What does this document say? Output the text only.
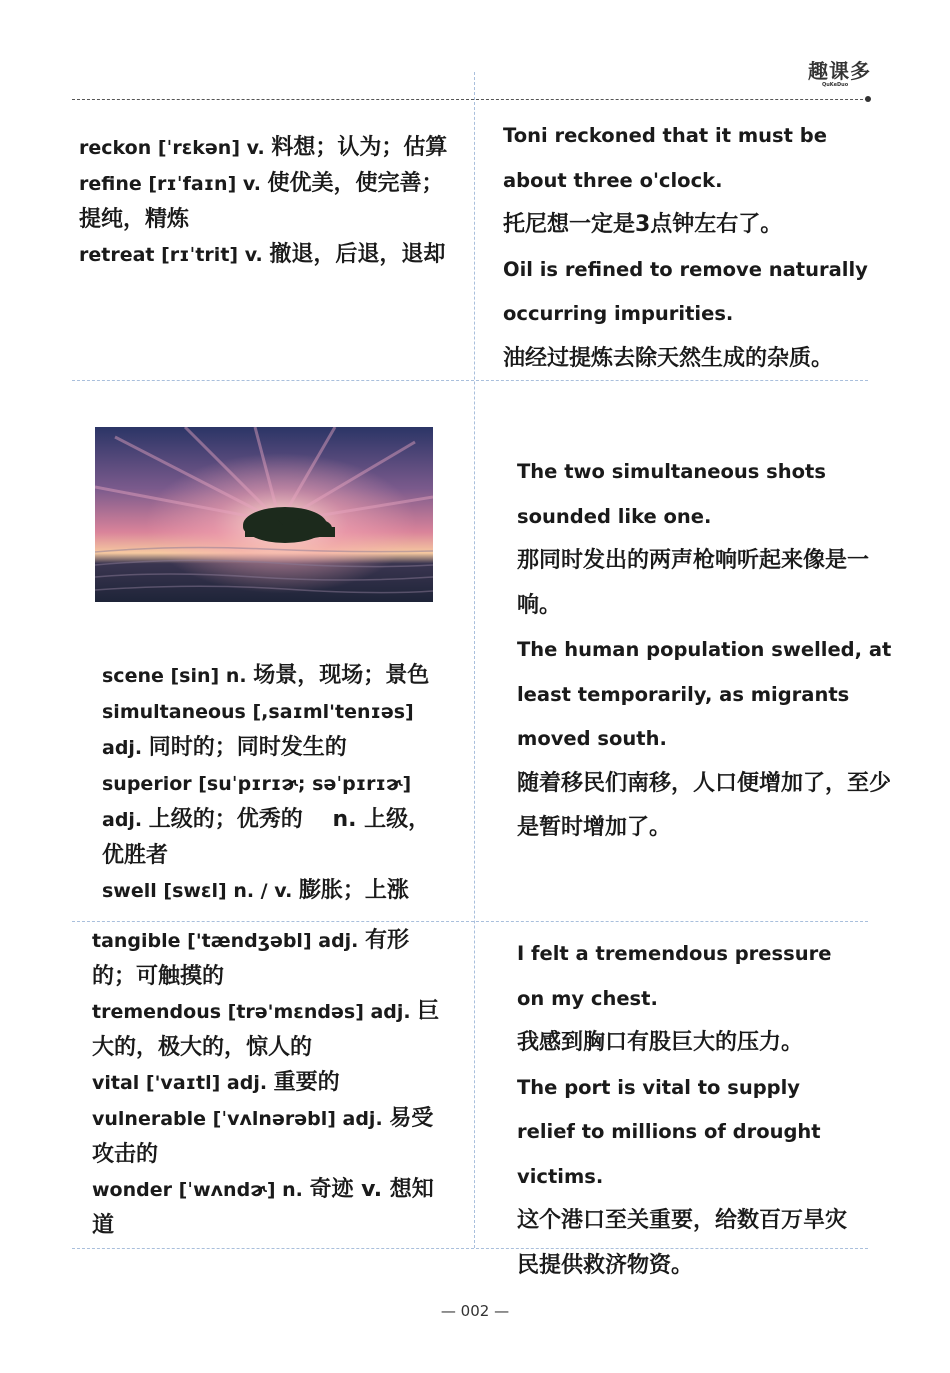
趣课多
QuKeDuo

reckon [ˈrɛkən] v. 料想；认为；估算

refine [rɪˈfaɪn] v. 使优美，使完善；提纯，精炼

retreat [rɪˈtrit] v. 撤退，后退，退却

Toni reckoned that it must be about three o'clock.

托尼想一定是3点钟左右了。

Oil is refined to remove naturally occurring impurities.

油经过提炼去除天然生成的杂质。

scene [sin] n. 场景，现场；景色

simultaneous [,saɪml'tenɪəs] adj. 同时的；同时发生的

superior [suˈpɪrɪɚ; səˈpɪrɪɚ] adj. 上级的；优秀的　 n. 上级，优胜者

swell [swɛl] n. / v. 膨胀；上涨

The two simultaneous shots sounded like one.

那同时发出的两声枪响听起来像是一响。

The human population swelled, at least temporarily, as migrants moved south.

随着移民们南移，人口便增加了，至少是暂时增加了。

tangible ['tændʒəbl] adj. 有形的；可触摸的

tremendous [trə'mɛndəs] adj. 巨大的，极大的，惊人的

vital ['vaɪtl] adj. 重要的

vulnerable [ˈvʌlnərəbl] adj. 易受攻击的

wonder [ˈwʌndɚ] n. 奇迹 v. 想知道

I felt a tremendous pressure on my chest.

我感到胸口有股巨大的压力。

The port is vital to supply relief to millions of drought victims.

这个港口至关重要，给数百万旱灾民提供救济物资。

— 002 —
